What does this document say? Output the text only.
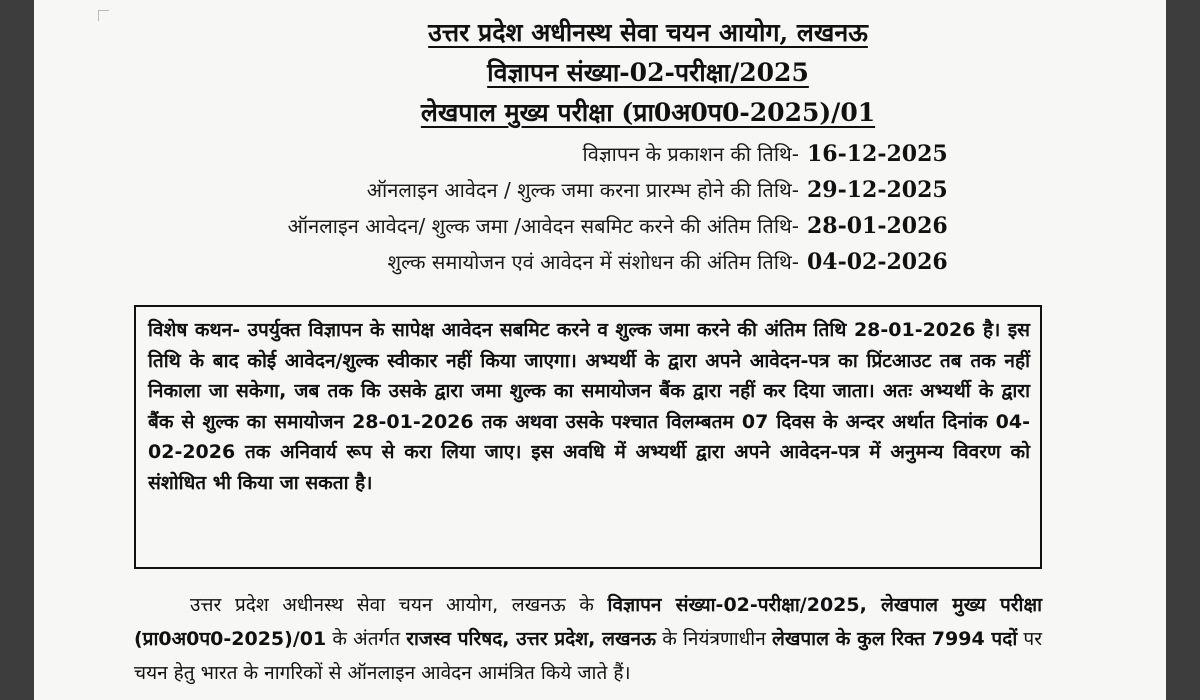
उत्तर प्रदेश अधीनस्थ सेवा चयन आयोग, लखनऊ
विज्ञापन संख्या-02-परीक्षा/2025
लेखपाल मुख्य परीक्षा (प्रा0अ0प0-2025)/01
विज्ञापन के प्रकाशन की तिथि- 16-12-2025
ऑनलाइन आवेदन / शुल्क जमा करना प्रारम्भ होने की तिथि- 29-12-2025
ऑनलाइन आवेदन/ शुल्क जमा /आवेदन सबमिट करने की अंतिम तिथि- 28-01-2026
शुल्क समायोजन एवं आवेदन में संशोधन की अंतिम तिथि- 04-02-2026
विशेष कथन- उपर्युक्त विज्ञापन के सापेक्ष आवेदन सबमिट करने व शुल्क जमा करने की अंतिम तिथि 28-01-2026 है। इस तिथि के बाद कोई आवेदन/शुल्क स्वीकार नहीं किया जाएगा। अभ्यर्थी के द्वारा अपने आवेदन-पत्र का प्रिंटआउट तब तक नहीं निकाला जा सकेगा, जब तक कि उसके द्वारा जमा शुल्क का समायोजन बैंक द्वारा नहीं कर दिया जाता। अतः अभ्यर्थी के द्वारा बैंक से शुल्क का समायोजन 28-01-2026 तक अथवा उसके पश्चात विलम्बतम 07 दिवस के अन्दर अर्थात दिनांक 04-02-2026 तक अनिवार्य रूप से करा लिया जाए। इस अवधि में अभ्यर्थी द्वारा अपने आवेदन-पत्र में अनुमन्य विवरण को संशोधित भी किया जा सकता है।
उत्तर प्रदेश अधीनस्थ सेवा चयन आयोग, लखनऊ के विज्ञापन संख्या-02-परीक्षा/2025, लेखपाल मुख्य परीक्षा (प्रा0अ0प0-2025)/01 के अंतर्गत राजस्व परिषद, उत्तर प्रदेश, लखनऊ के नियंत्रणाधीन लेखपाल के कुल रिक्त 7994 पदों पर चयन हेतु भारत के नागरिकों से ऑनलाइन आवेदन आमंत्रित किये जाते हैं।
